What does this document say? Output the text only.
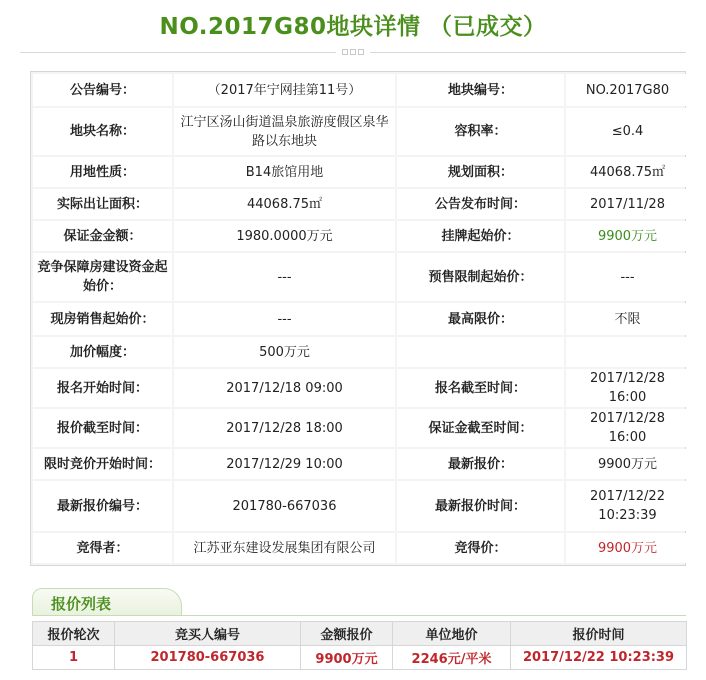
NO.2017G80地块详情 （已成交）
公告编号：	（2017年宁网挂第11号）	地块编号：	NO.2017G80
地块名称：	江宁区汤山街道温泉旅游度假区泉华路以东地块	容积率：	≤0.4
用地性质：	B14旅馆用地	规划面积：	44068.75㎡
实际出让面积：	44068.75㎡	公告发布时间：	2017/11/28
保证金金额：	1980.0000万元	挂牌起始价：	9900万元
竞争保障房建设资金起始价：	---	预售限制起始价：	---
现房销售起始价：	---	最高限价：	不限
加价幅度：	500万元		
报名开始时间：	2017/12/18 09:00	报名截至时间：	2017/12/28 16:00
报价截至时间：	2017/12/28 18:00	保证金截至时间：	2017/12/28 16:00
限时竞价开始时间：	2017/12/29 10:00	最新报价：	9900万元
最新报价编号：	201780-667036	最新报价时间：	2017/12/22 10:23:39
竞得者：	江苏亚东建设发展集团有限公司	竞得价：	9900万元
报价列表
报价轮次	竞买人编号	金额报价	单位地价	报价时间
1	201780-667036	9900万元	2246元/平米	2017/12/22 10:23:39
